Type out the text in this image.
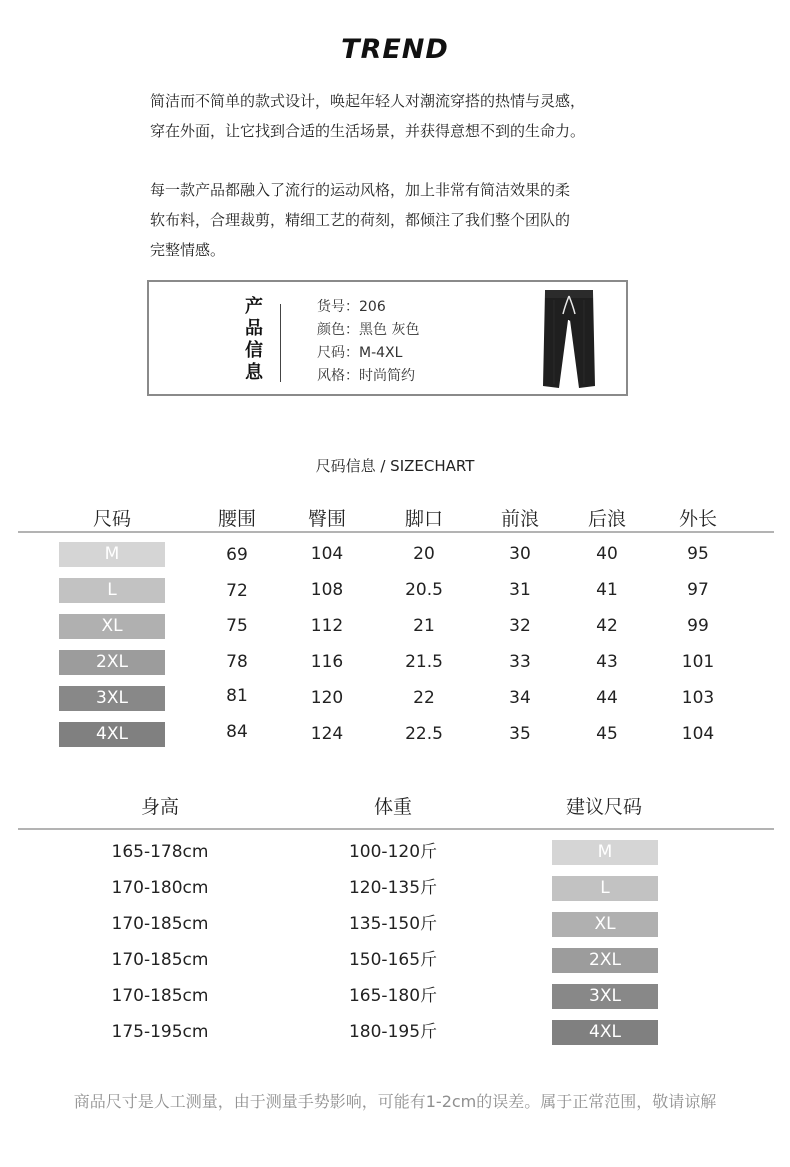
TREND
简洁而不简单的款式设计，唤起年轻人对潮流穿搭的热情与灵感，
穿在外面，让它找到合适的生活场景，并获得意想不到的生命力。
每一款产品都融入了流行的运动风格，加上非常有简洁效果的柔
软布料，合理裁剪，精细工艺的荷刻，都倾注了我们整个团队的
完整情感。
产
品
信
息
货号：206
颜色：黑色 灰色
尺码：M-4XL
风格：时尚简约
尺码信息 / SIZECHART
尺码	腰围	臀围	脚口	前浪	后浪	外长
M	69	104	20	30	40	95
L	72	108	20.5	31	41	97
XL	75	112	21	32	42	99
2XL	78	116	21.5	33	43	101
3XL	81	120	22	34	44	103
4XL	84	124	22.5	35	45	104
身高	体重	建议尺码
165-178cm	100-120斤	M
170-180cm	120-135斤	L
170-185cm	135-150斤	XL
170-185cm	150-165斤	2XL
170-185cm	165-180斤	3XL
175-195cm	180-195斤	4XL
商品尺寸是人工测量，由于测量手势影响，可能有1-2cm的误差。属于正常范围，敬请谅解
